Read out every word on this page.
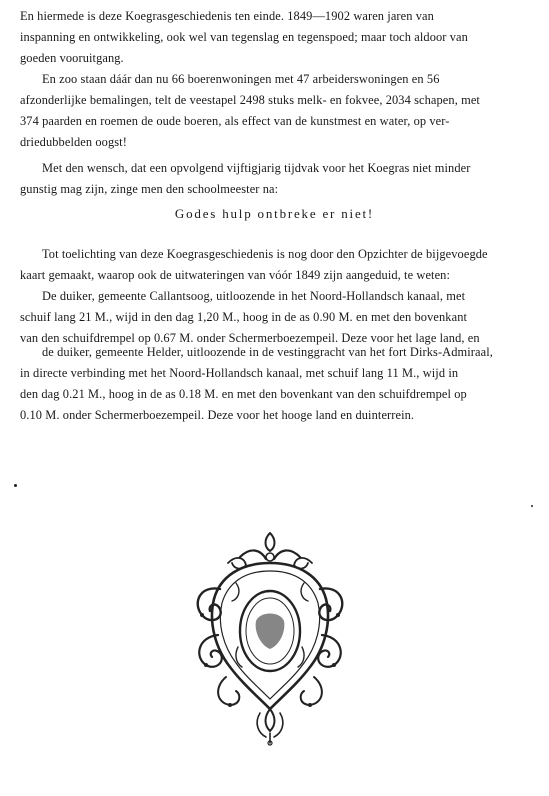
En hiermede is deze Koegrasgeschiedenis ten einde. 1849—1902 waren jaren van
inspanning en ontwikkeling, ook wel van tegenslag en tegenspoed; maar toch aldoor van
goeden vooruitgang.
En zoo staan dáár dan nu 66 boerenwoningen met 47 arbeiderswoningen en 56
afzonderlijke bemalingen, telt de veestapel 2498 stuks melk- en fokvee, 2034 schapen, met
374 paarden en roemen de oude boeren, als effect van de kunstmest en water, op ver-
driedubbelden oogst!
Met den wensch, dat een opvolgend vijftigjarig tijdvak voor het Koegras niet minder
gunstig mag zijn, zinge men den schoolmeester na:
Godes hulp ontbreke er niet!
Tot toelichting van deze Koegrasgeschiedenis is nog door den Opzichter de bijgevoegde
kaart gemaakt, waarop ook de uitwateringen van vóór 1849 zijn aangeduid, te weten:
De duiker, gemeente Callantsoog, uitloozende in het Noord-Hollandsch kanaal, met
schuif lang 21 M., wijd in den dag 1,20 M., hoog in de as 0.90 M. en met den bovenkant
van den schuifdrempel op 0.67 M. onder Schermerboezempeil. Deze voor het lage land, en
de duiker, gemeente Helder, uitloozende in de vestinggracht van het fort Dirks-Admiraal,
in directe verbinding met het Noord-Hollandsch kanaal, met schuif lang 11 M., wijd in
den dag 0.21 M., hoog in de as 0.18 M. en met den bovenkant van den schuifdrempel op
0.10 M. onder Schermerboezempeil. Deze voor het hooge land en duinterrein.
